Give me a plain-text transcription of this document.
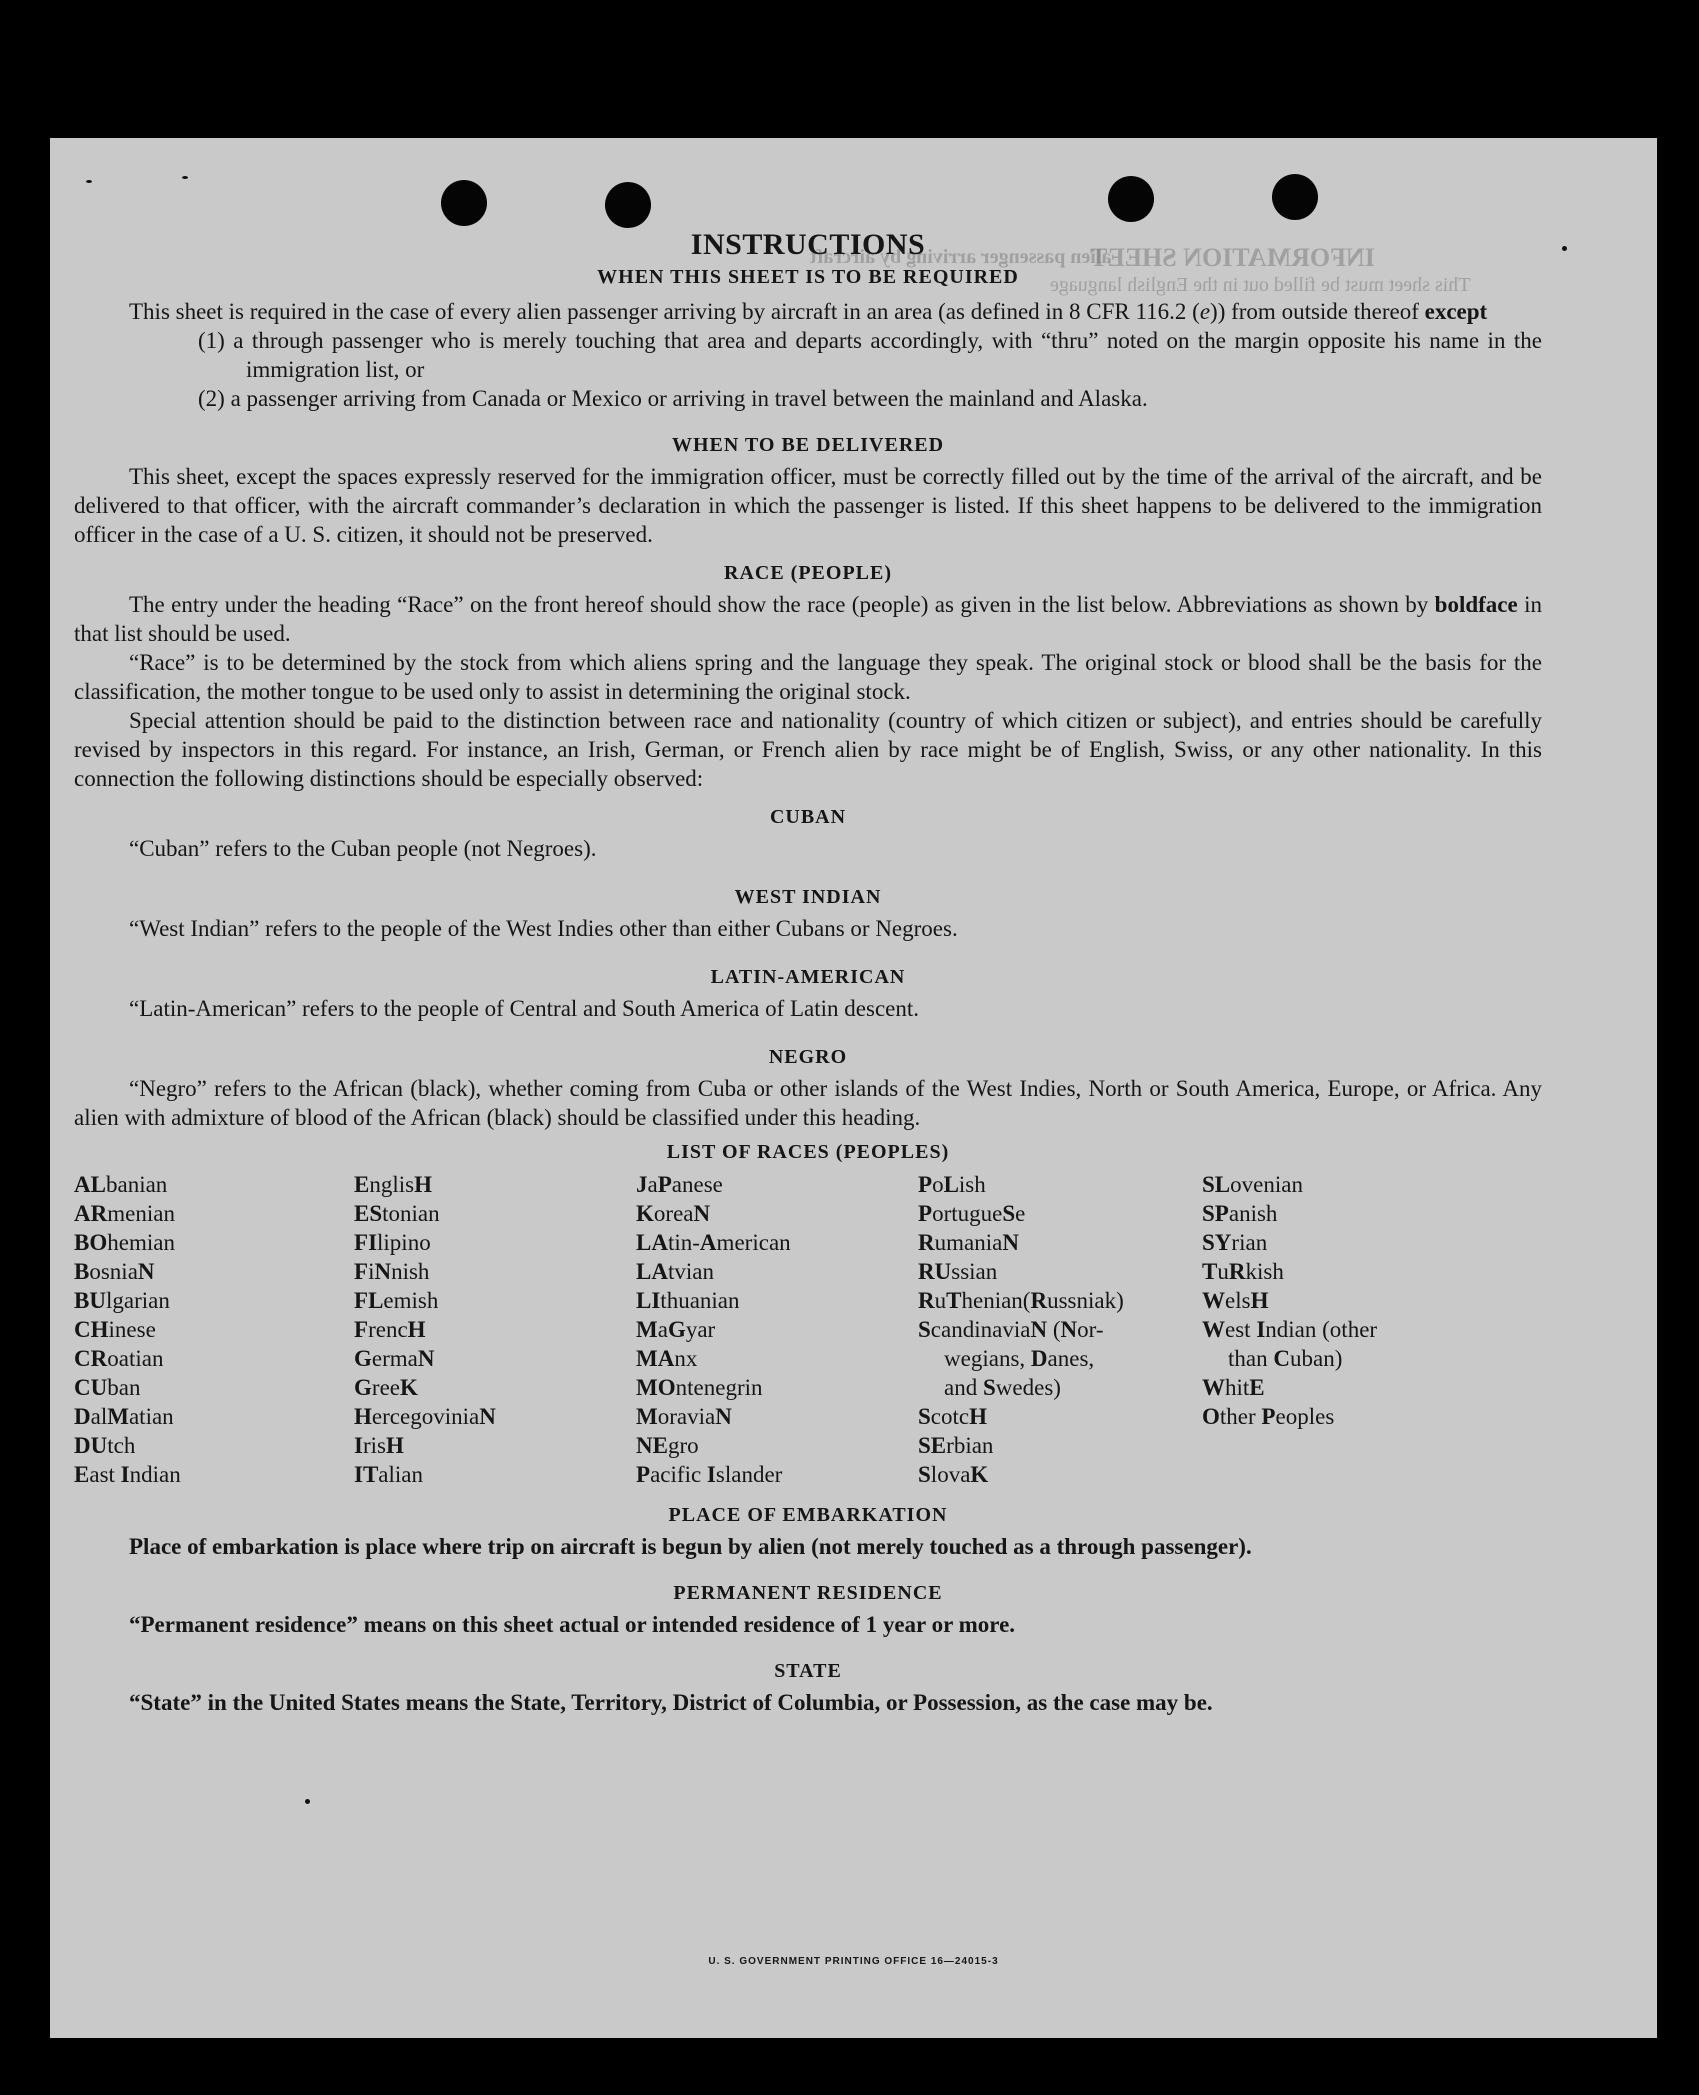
INFORMATION SHEET
alien passenger arriving by aircraft
This sheet must be filled out in the English language
INSTRUCTIONS
WHEN THIS SHEET IS TO BE REQUIRED

This sheet is required in the case of every alien passenger arriving by aircraft in an area (as defined in 8 CFR 116.2 (e)) from outside thereof except

(1) a through passenger who is merely touching that area and departs accordingly, with “thru” noted on the margin opposite his name in the immigration list, or

(2) a passenger arriving from Canada or Mexico or arriving in travel between the mainland and Alaska.

WHEN TO BE DELIVERED

This sheet, except the spaces expressly reserved for the immigration officer, must be correctly filled out by the time of the arrival of the aircraft, and be delivered to that officer, with the aircraft commander’s declaration in which the passenger is listed. If this sheet happens to be delivered to the immigration officer in the case of a U. S. citizen, it should not be preserved.

RACE (PEOPLE)

The entry under the heading “Race” on the front hereof should show the race (people) as given in the list below. Abbreviations as shown by boldface in that list should be used.

“Race” is to be determined by the stock from which aliens spring and the language they speak. The original stock or blood shall be the basis for the classification, the mother tongue to be used only to assist in determining the original stock.

Special attention should be paid to the distinction between race and nationality (country of which citizen or subject), and entries should be carefully revised by inspectors in this regard. For instance, an Irish, German, or French alien by race might be of English, Swiss, or any other nationality. In this connection the following distinctions should be especially observed:

CUBAN

“Cuban” refers to the Cuban people (not Negroes).

WEST INDIAN

“West Indian” refers to the people of the West Indies other than either Cubans or Negroes.

LATIN-AMERICAN

“Latin-American” refers to the people of Central and South America of Latin descent.

NEGRO

“Negro” refers to the African (black), whether coming from Cuba or other islands of the West Indies, North or South America, Europe, or Africa. Any alien with admixture of blood of the African (black) should be classified under this heading.

LIST OF RACES (PEOPLES)
ALbanian
ARmenian
BOhemian
BosniaN
BUlgarian
CHinese
CRoatian
CUban
DalMatian
DUtch
East Indian
EnglisH
EStonian
FIlipino
FiNnish
FLemish
FrencH
GermaN
GreeK
HercegoviniaN
IrisH
ITalian
JaPanese
KoreaN
LAtin-American
LAtvian
LIthuanian
MaGyar
MAnx
MOntenegrin
MoraviaN
NEgro
Pacific Islander
PoLish
PortugueSe
RumaniaN
RUssian
RuThenian(Russniak)
ScandinaviaN (Nor-
wegians, Danes,
and Swedes)
ScotcH
SErbian
SlovaK
SLovenian
SPanish
SYrian
TuRkish
WelsH
West Indian (other
than Cuban)
WhitE
Other Peoples
PLACE OF EMBARKATION

Place of embarkation is place where trip on aircraft is begun by alien (not merely touched as a through passenger).

PERMANENT RESIDENCE

“Permanent residence” means on this sheet actual or intended residence of 1 year or more.

STATE

“State” in the United States means the State, Territory, District of Columbia, or Possession, as the case may be.

U. S. GOVERNMENT PRINTING OFFICE 16—24015-3
